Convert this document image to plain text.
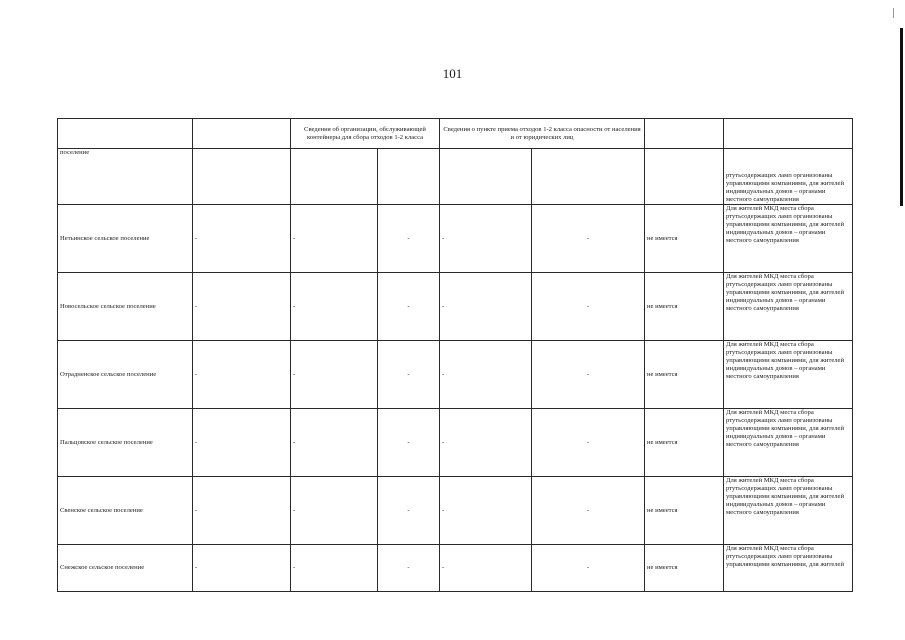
101
		Сведения об организации, обслуживающей контейнеры для сбора отходов 1-2 класса		Сведения о пункте приема отходов 1-2 класса опасности от населения и от юридических лиц			
поселение							ртутьсодержащих ламп организованы управляющими компаниями, для жителей индивидуальных домов – органами местного самоуправления
Нетьинское сельское поселение	-	-	-	-	-	не имеется	Для жителей МКД места сбора ртутьсодержащих ламп организованы управляющими компаниями, для жителей индивидуальных домов – органами местного самоуправления
Новосельское сельское поселение	-	-	-	-	-	не имеется	Для жителей МКД места сбора ртутьсодержащих ламп организованы управляющими компаниями, для жителей индивидуальных домов – органами местного самоуправления
Отрадненское сельское поселение	-	-	-	-	-	не имеется	Для жителей МКД места сбора ртутьсодержащих ламп организованы управляющими компаниями, для жителей индивидуальных домов – органами местного самоуправления
Пальцовское сельское поселение	-	-	-	-	-	не имеется	Для жителей МКД места сбора ртутьсодержащих ламп организованы управляющими компаниями, для жителей индивидуальных домов – органами местного самоуправления
Свенское сельское поселение	-	-	-	-	-	не имеется	Для жителей МКД места сбора ртутьсодержащих ламп организованы управляющими компаниями, для жителей индивидуальных домов – органами местного самоуправления
Снежское сельское поселение	-	-	-	-	-	не имеется	Для жителей МКД места сбора ртутьсодержащих ламп организованы управляющими компаниями, для жителей
